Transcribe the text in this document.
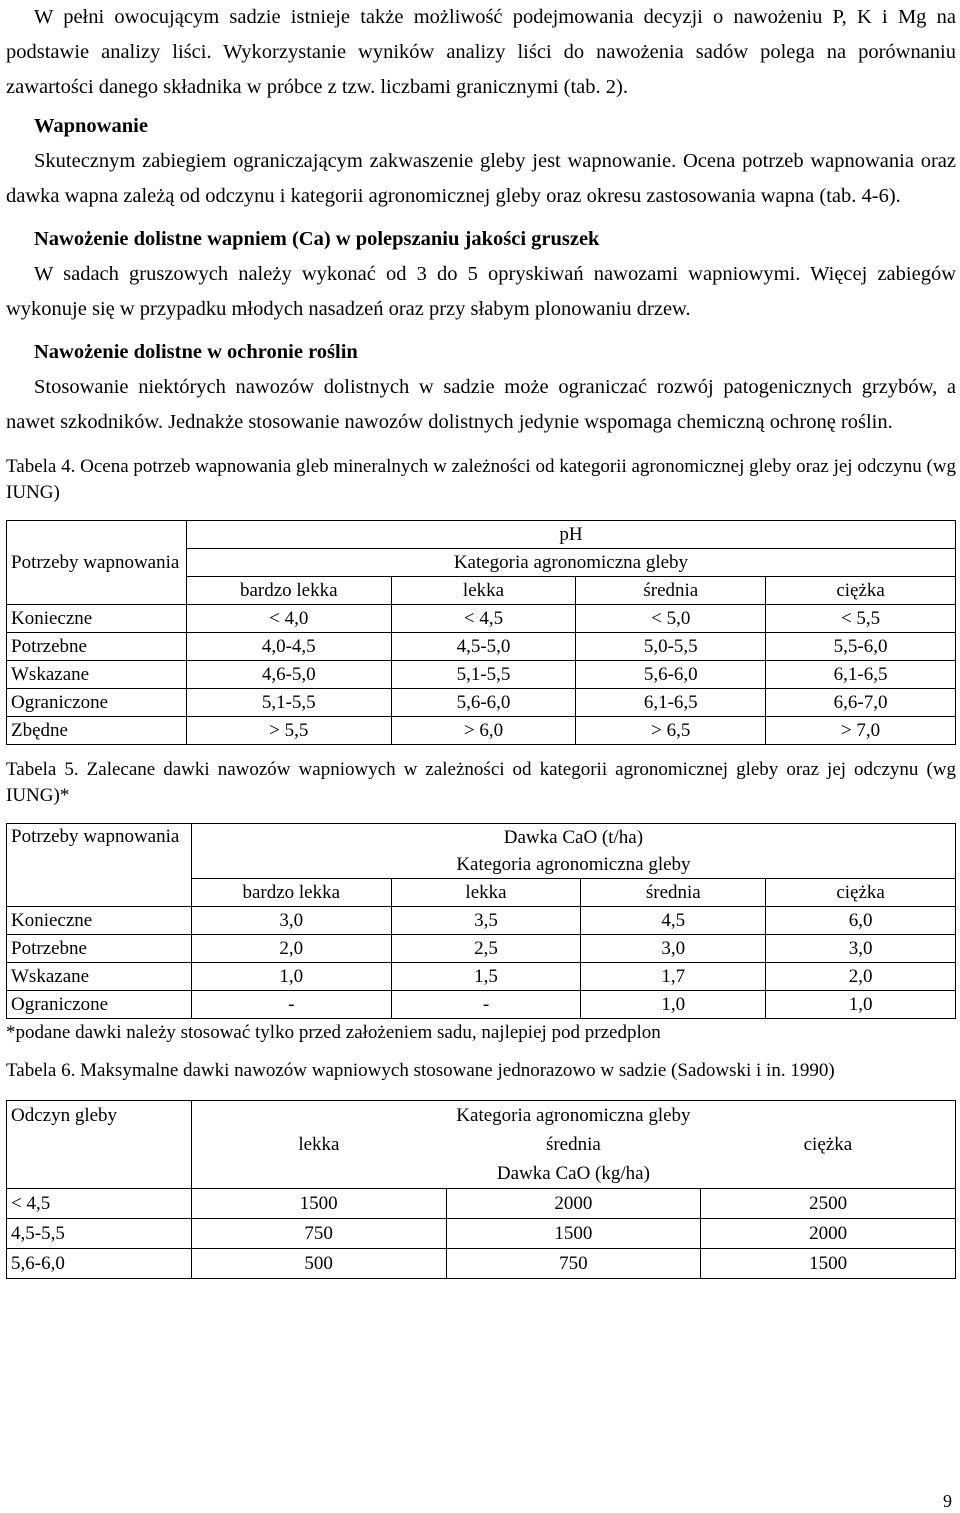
W pełni owocującym sadzie istnieje także możliwość podejmowania decyzji o nawożeniu P, K i Mg na podstawie analizy liści. Wykorzystanie wyników analizy liści do nawożenia sadów polega na porównaniu zawartości danego składnika w próbce z tzw. liczbami granicznymi (tab. 2).

Wapnowanie

Skutecznym zabiegiem ograniczającym zakwaszenie gleby jest wapnowanie. Ocena potrzeb wapnowania oraz dawka wapna zależą od odczynu i kategorii agronomicznej gleby oraz okresu zastosowania wapna (tab. 4-6).

Nawożenie dolistne wapniem (Ca) w polepszaniu jakości gruszek

W sadach gruszowych należy wykonać od 3 do 5 opryskiwań nawozami wapniowymi. Więcej zabiegów wykonuje się w przypadku młodych nasadzeń oraz przy słabym plonowaniu drzew.

Nawożenie dolistne w ochronie roślin

Stosowanie niektórych nawozów dolistnych w sadzie może ograniczać rozwój patogenicznych grzybów, a nawet szkodników. Jednakże stosowanie nawozów dolistnych jedynie wspomaga chemiczną ochronę roślin.

Tabela 4. Ocena potrzeb wapnowania gleb mineralnych w zależności od kategorii agronomicznej gleby oraz jej odczynu (wg IUNG)

Potrzeby wapnowania	pH			
	Kategoria agronomiczna gleby			
	bardzo lekka	lekka	średnia	ciężka
Konieczne	< 4,0	< 4,5	< 5,0	< 5,5
Potrzebne	4,0-4,5	4,5-5,0	5,0-5,5	5,5-6,0
Wskazane	4,6-5,0	5,1-5,5	5,6-6,0	6,1-6,5
Ograniczone	5,1-5,5	5,6-6,0	6,1-6,5	6,6-7,0
Zbędne	> 5,5	> 6,0	> 6,5	> 7,0

Tabela 5. Zalecane dawki nawozów wapniowych w zależności od kategorii agronomicznej gleby oraz jej odczynu (wg IUNG)*

Potrzeby wapnowania	Dawka CaO (t/ha)			
	Kategoria agronomiczna gleby			
	bardzo lekka	lekka	średnia	ciężka
Konieczne	3,0	3,5	4,5	6,0
Potrzebne	2,0	2,5	3,0	3,0
Wskazane	1,0	1,5	1,7	2,0
Ograniczone	-	-	1,0	1,0

*podane dawki należy stosować tylko przed założeniem sadu, najlepiej pod przedplon

Tabela 6. Maksymalne dawki nawozów wapniowych stosowane jednorazowo w sadzie (Sadowski i in. 1990)

Odczyn gleby	Kategoria agronomiczna gleby		
	lekka	średnia	ciężka
	Dawka CaO (kg/ha)		
< 4,5	1500	2000	2500
4,5-5,5	750	1500	2000
5,6-6,0	500	750	1500
9
